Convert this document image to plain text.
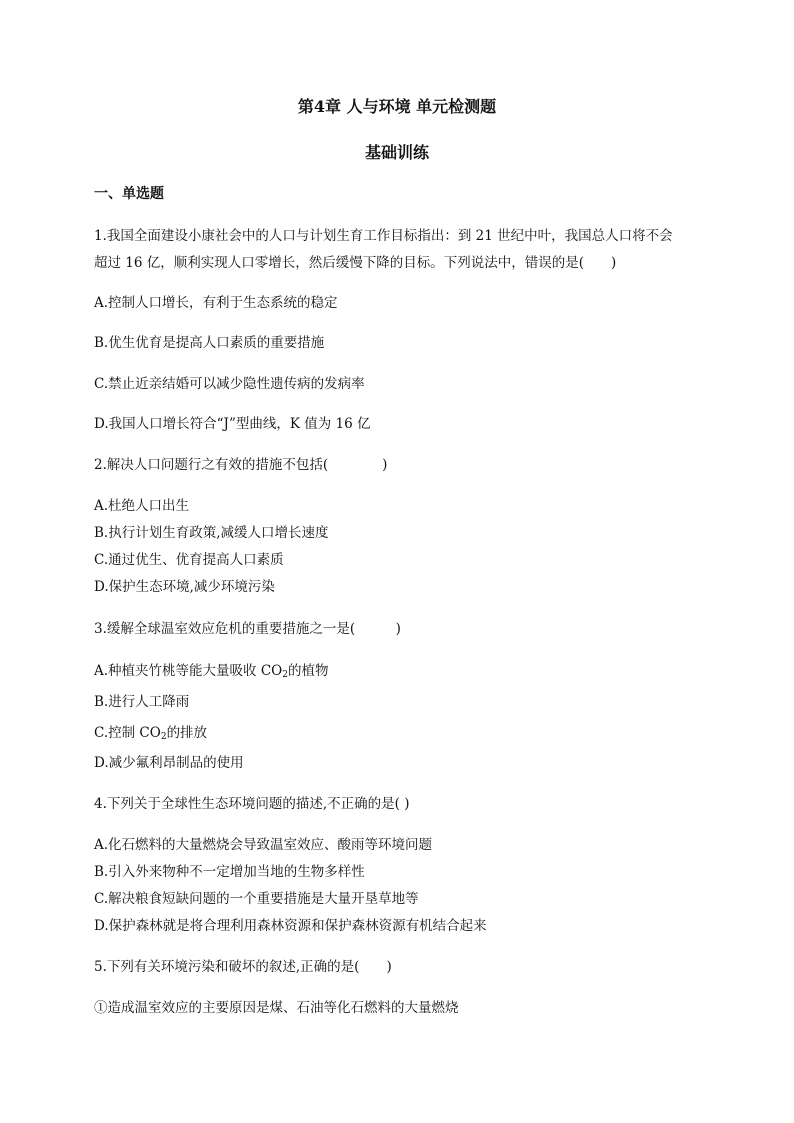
第4章 人与环境 单元检测题
基础训练
一、单选题
1.我国全面建设小康社会中的人口与计划生育工作目标指出：到 21 世纪中叶，我国总人口将不会
超过 16 亿，顺利实现人口零增长，然后缓慢下降的目标。下列说法中，错误的是(　　)
A.控制人口增长，有利于生态系统的稳定
B.优生优育是提高人口素质的重要措施
C.禁止近亲结婚可以减少隐性遗传病的发病率
D.我国人口增长符合“J”型曲线，K 值为 16 亿
2.解决人口问题行之有效的措施不包括(　　　　)
A.杜绝人口出生
B.执行计划生育政策,减缓人口增长速度
C.通过优生、优育提高人口素质
D.保护生态环境,减少环境污染
3.缓解全球温室效应危机的重要措施之一是(　　　)
A.种植夹竹桃等能大量吸收 $CO_2$的植物
B.进行人工降雨
C.控制 $CO_2$的排放
D.减少氟利昂制品的使用
4.下列关于全球性生态环境问题的描述,不正确的是( )
A.化石燃料的大量燃烧会导致温室效应、酸雨等环境问题
B.引入外来物种不一定增加当地的生物多样性
C.解决粮食短缺问题的一个重要措施是大量开垦草地等
D.保护森林就是将合理利用森林资源和保护森林资源有机结合起来
5.下列有关环境污染和破坏的叙述,正确的是(　　)
①造成温室效应的主要原因是煤、石油等化石燃料的大量燃烧
